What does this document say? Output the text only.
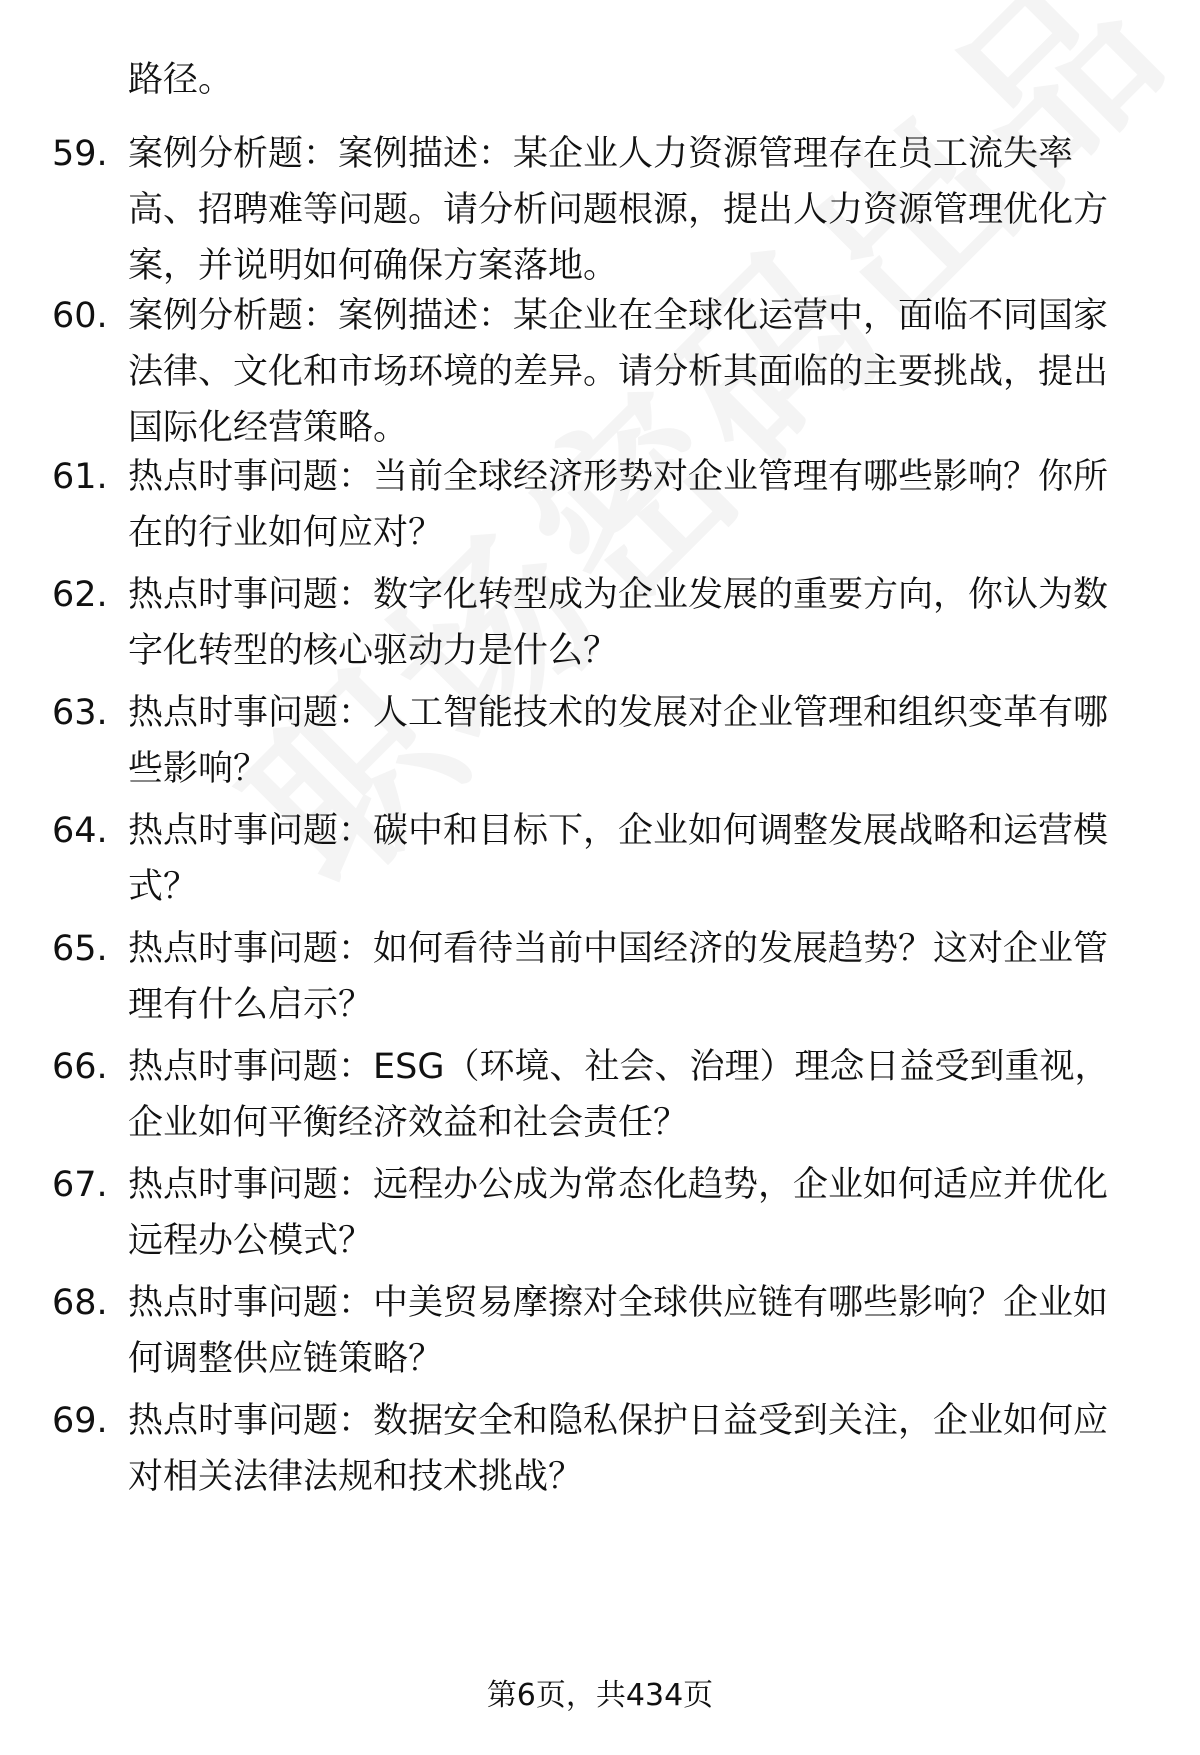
路径。
59. 案例分析题：案例描述：某企业人力资源管理存在员工流失率高、招聘难等问题。请分析问题根源，提出人力资源管理优化方案，并说明如何确保方案落地。
60. 案例分析题：案例描述：某企业在全球化运营中，面临不同国家法律、文化和市场环境的差异。请分析其面临的主要挑战，提出国际化经营策略。
61. 热点时事问题：当前全球经济形势对企业管理有哪些影响？你所在的行业如何应对？
62. 热点时事问题：数字化转型成为企业发展的重要方向，你认为数字化转型的核心驱动力是什么？
63. 热点时事问题：人工智能技术的发展对企业管理和组织变革有哪些影响？
64. 热点时事问题：碳中和目标下，企业如何调整发展战略和运营模式？
65. 热点时事问题：如何看待当前中国经济的发展趋势？这对企业管理有什么启示？
66. 热点时事问题：ESG（环境、社会、治理）理念日益受到重视，企业如何平衡经济效益和社会责任？
67. 热点时事问题：远程办公成为常态化趋势，企业如何适应并优化远程办公模式？
68. 热点时事问题：中美贸易摩擦对全球供应链有哪些影响？企业如何调整供应链策略？
69. 热点时事问题：数据安全和隐私保护日益受到关注，企业如何应对相关法律法规和技术挑战？
第6页，共434页
